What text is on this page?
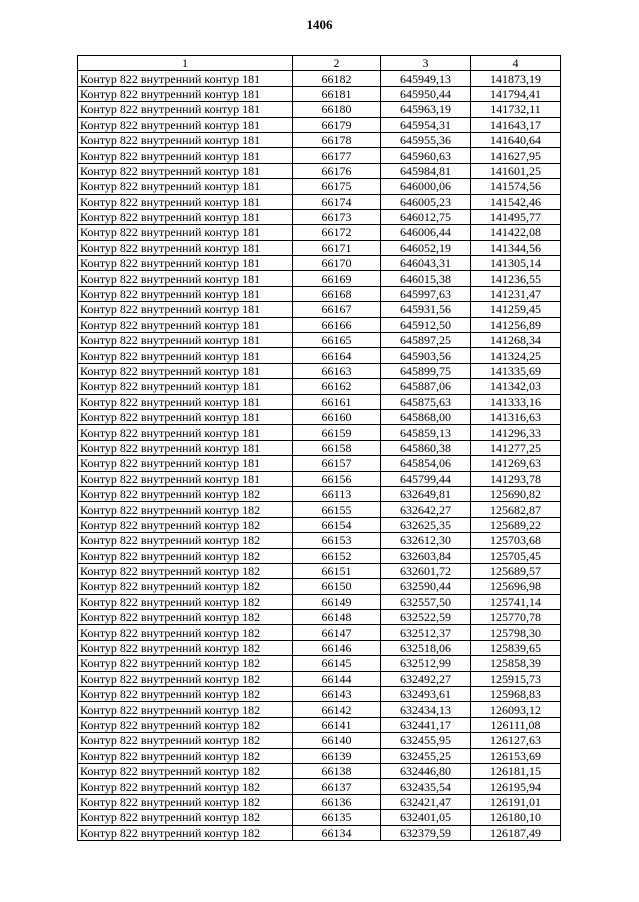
1406
1	2	3	4
Контур 822 внутренний контур 181	66182	645949,13	141873,19
Контур 822 внутренний контур 181	66181	645950,44	141794,41
Контур 822 внутренний контур 181	66180	645963,19	141732,11
Контур 822 внутренний контур 181	66179	645954,31	141643,17
Контур 822 внутренний контур 181	66178	645955,36	141640,64
Контур 822 внутренний контур 181	66177	645960,63	141627,95
Контур 822 внутренний контур 181	66176	645984,81	141601,25
Контур 822 внутренний контур 181	66175	646000,06	141574,56
Контур 822 внутренний контур 181	66174	646005,23	141542,46
Контур 822 внутренний контур 181	66173	646012,75	141495,77
Контур 822 внутренний контур 181	66172	646006,44	141422,08
Контур 822 внутренний контур 181	66171	646052,19	141344,56
Контур 822 внутренний контур 181	66170	646043,31	141305,14
Контур 822 внутренний контур 181	66169	646015,38	141236,55
Контур 822 внутренний контур 181	66168	645997,63	141231,47
Контур 822 внутренний контур 181	66167	645931,56	141259,45
Контур 822 внутренний контур 181	66166	645912,50	141256,89
Контур 822 внутренний контур 181	66165	645897,25	141268,34
Контур 822 внутренний контур 181	66164	645903,56	141324,25
Контур 822 внутренний контур 181	66163	645899,75	141335,69
Контур 822 внутренний контур 181	66162	645887,06	141342,03
Контур 822 внутренний контур 181	66161	645875,63	141333,16
Контур 822 внутренний контур 181	66160	645868,00	141316,63
Контур 822 внутренний контур 181	66159	645859,13	141296,33
Контур 822 внутренний контур 181	66158	645860,38	141277,25
Контур 822 внутренний контур 181	66157	645854,06	141269,63
Контур 822 внутренний контур 181	66156	645799,44	141293,78
Контур 822 внутренний контур 182	66113	632649,81	125690,82
Контур 822 внутренний контур 182	66155	632642,27	125682,87
Контур 822 внутренний контур 182	66154	632625,35	125689,22
Контур 822 внутренний контур 182	66153	632612,30	125703,68
Контур 822 внутренний контур 182	66152	632603,84	125705,45
Контур 822 внутренний контур 182	66151	632601,72	125689,57
Контур 822 внутренний контур 182	66150	632590,44	125696,98
Контур 822 внутренний контур 182	66149	632557,50	125741,14
Контур 822 внутренний контур 182	66148	632522,59	125770,78
Контур 822 внутренний контур 182	66147	632512,37	125798,30
Контур 822 внутренний контур 182	66146	632518,06	125839,65
Контур 822 внутренний контур 182	66145	632512,99	125858,39
Контур 822 внутренний контур 182	66144	632492,27	125915,73
Контур 822 внутренний контур 182	66143	632493,61	125968,83
Контур 822 внутренний контур 182	66142	632434,13	126093,12
Контур 822 внутренний контур 182	66141	632441,17	126111,08
Контур 822 внутренний контур 182	66140	632455,95	126127,63
Контур 822 внутренний контур 182	66139	632455,25	126153,69
Контур 822 внутренний контур 182	66138	632446,80	126181,15
Контур 822 внутренний контур 182	66137	632435,54	126195,94
Контур 822 внутренний контур 182	66136	632421,47	126191,01
Контур 822 внутренний контур 182	66135	632401,05	126180,10
Контур 822 внутренний контур 182	66134	632379,59	126187,49
